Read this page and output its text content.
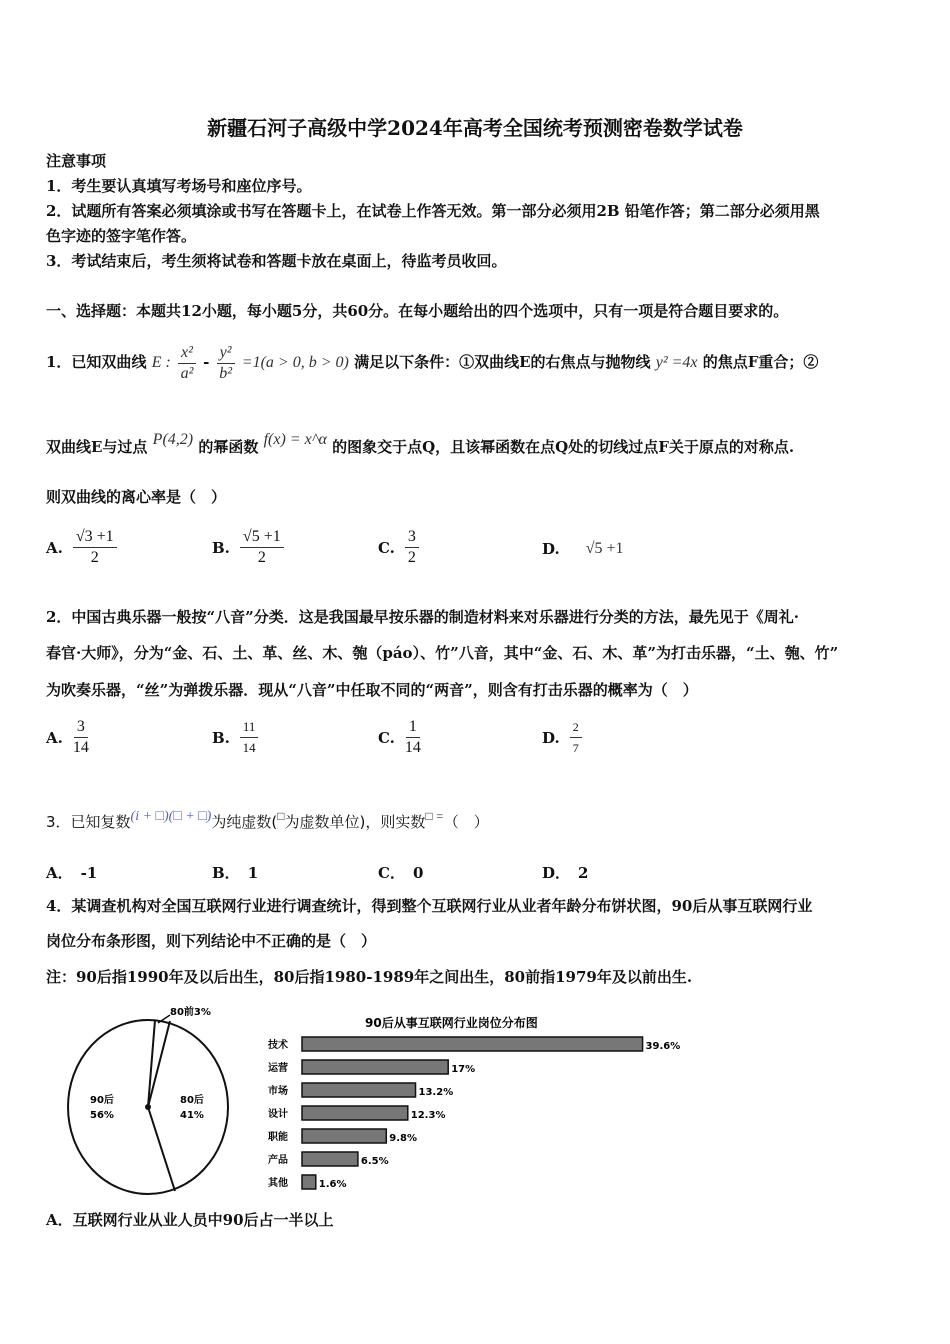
新疆石河子高级中学2024年高考全国统考预测密卷数学试卷
注意事项
1．考生要认真填写考场号和座位序号。
2．试题所有答案必须填涂或书写在答题卡上，在试卷上作答无效。第一部分必须用2B 铅笔作答；第二部分必须用黑
色字迹的签字笔作答。
3．考试结束后，考生须将试卷和答题卡放在桌面上，待监考员收回。
一、选择题：本题共12小题，每小题5分，共60分。在每小题给出的四个选项中，只有一项是符合题目要求的。
1．已知双曲线 E : $\frac{\text{x²}}{\text{a²}} - \frac{\text{y²}}{\text{b²}} =1(a > 0$, b > 0) 满足以下条件：①双曲线E的右焦点与抛物线 y² =4x 的焦点F重合；②
双曲线E与过点 P(4,2) 的幂函数 f(x) = x^α 的图象交于点Q，且该幂函数在点Q处的切线过点F关于原点的对称点.
则双曲线的离心率是（　）
A. $\frac{√3 +1}{2}$	B. $\frac{√5 +1}{2}$	C. $\frac{3}{2}$	D. √5 +1
2．中国古典乐器一般按“八音”分类．这是我国最早按乐器的制造材料来对乐器进行分类的方法，最先见于《周礼·
春官·大师》，分为“金、石、土、革、丝、木、匏（páo）、竹”八音，其中“金、石、木、革”为打击乐器，“土、匏、竹”
为吹奏乐器，“丝”为弹拨乐器．现从“八音”中任取不同的“两音”，则含有打击乐器的概率为（　）
A. $\frac{3}{14}$	B. $\frac{11}{14}$	C. $\frac{1}{14}$	D. $\frac{2}{7}$
3．已知复数(i + □)(□ + □)为纯虚数(□为虚数单位)，则实数□ =（　）
A． -1	B． 1	C． 0	D． 2
4．某调查机构对全国互联网行业进行调查统计，得到整个互联网行业从业者年龄分布饼状图，90后从事互联网行业
岗位分布条形图，则下列结论中不正确的是（　）
注：90后指1990年及以后出生，80后指1980-1989年之间出生，80前指1979年及以前出生.
80前3%
90后
56%
80后
41%
90后从事互联网行业岗位分布图
技术	39.6%
运营	17%
市场	13.2%
设计	12.3%
职能	9.8%
产品	6.5%
其他	1.6%
A．互联网行业从业人员中90后占一半以上
